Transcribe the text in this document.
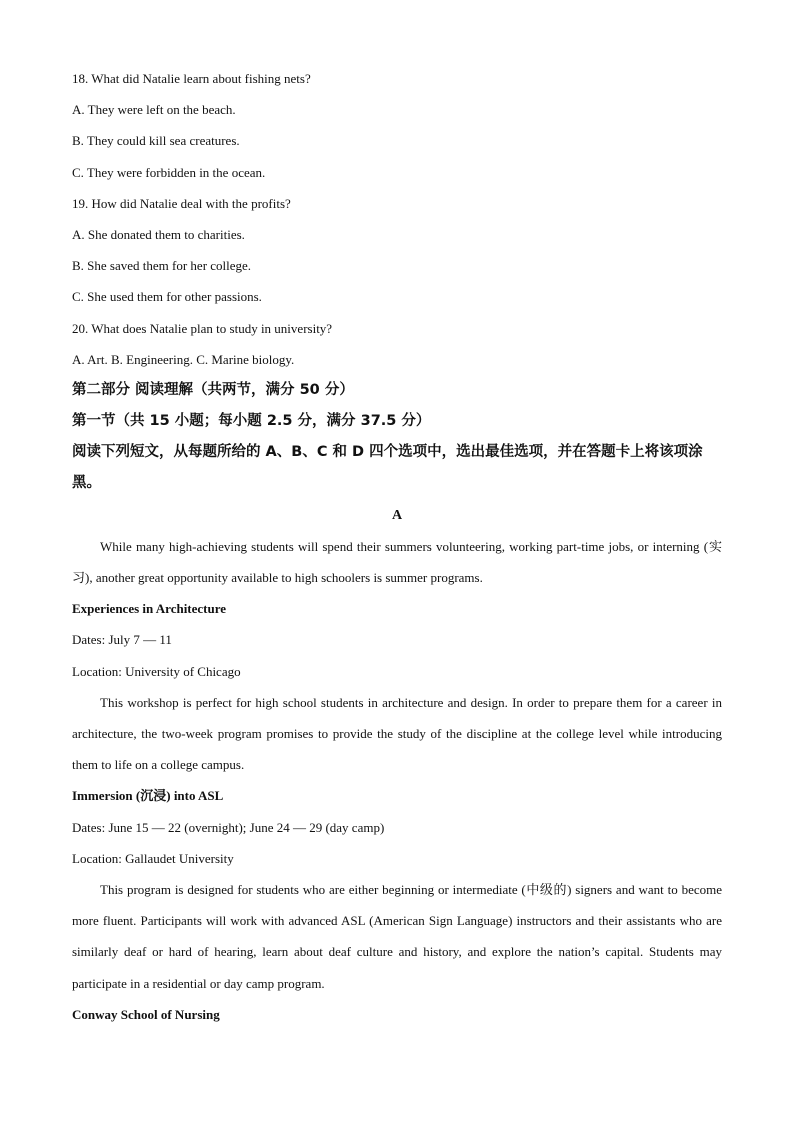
18. What did Natalie learn about fishing nets?
A. They were left on the beach.
B. They could kill sea creatures.
C. They were forbidden in the ocean.
19. How did Natalie deal with the profits?
A. She donated them to charities.
B. She saved them for her college.
C. She used them for other passions.
20. What does Natalie plan to study in university?
A. Art. B. Engineering. C. Marine biology.
第二部分 阅读理解（共两节，满分 50 分）
第一节（共 15 小题；每小题 2.5 分，满分 37.5 分）
阅读下列短文，从每题所给的 A、B、C 和 D 四个选项中，选出最佳选项，并在答题卡上将该项涂黑。
A
While many high-achieving students will spend their summers volunteering, working part-time jobs, or interning (实习), another great opportunity available to high schoolers is summer programs.
Experiences in Architecture
Dates: July 7 — 11
Location: University of Chicago
This workshop is perfect for high school students in architecture and design. In order to prepare them for a career in architecture, the two-week program promises to provide the study of the discipline at the college level while introducing them to life on a college campus.
Immersion (沉浸) into ASL
Dates: June 15 — 22 (overnight); June 24 — 29 (day camp)
Location: Gallaudet University
This program is designed for students who are either beginning or intermediate (中级的) signers and want to become more fluent. Participants will work with advanced ASL (American Sign Language) instructors and their assistants who are similarly deaf or hard of hearing, learn about deaf culture and history, and explore the nation’s capital. Students may participate in a residential or day camp program.
Conway School of Nursing
